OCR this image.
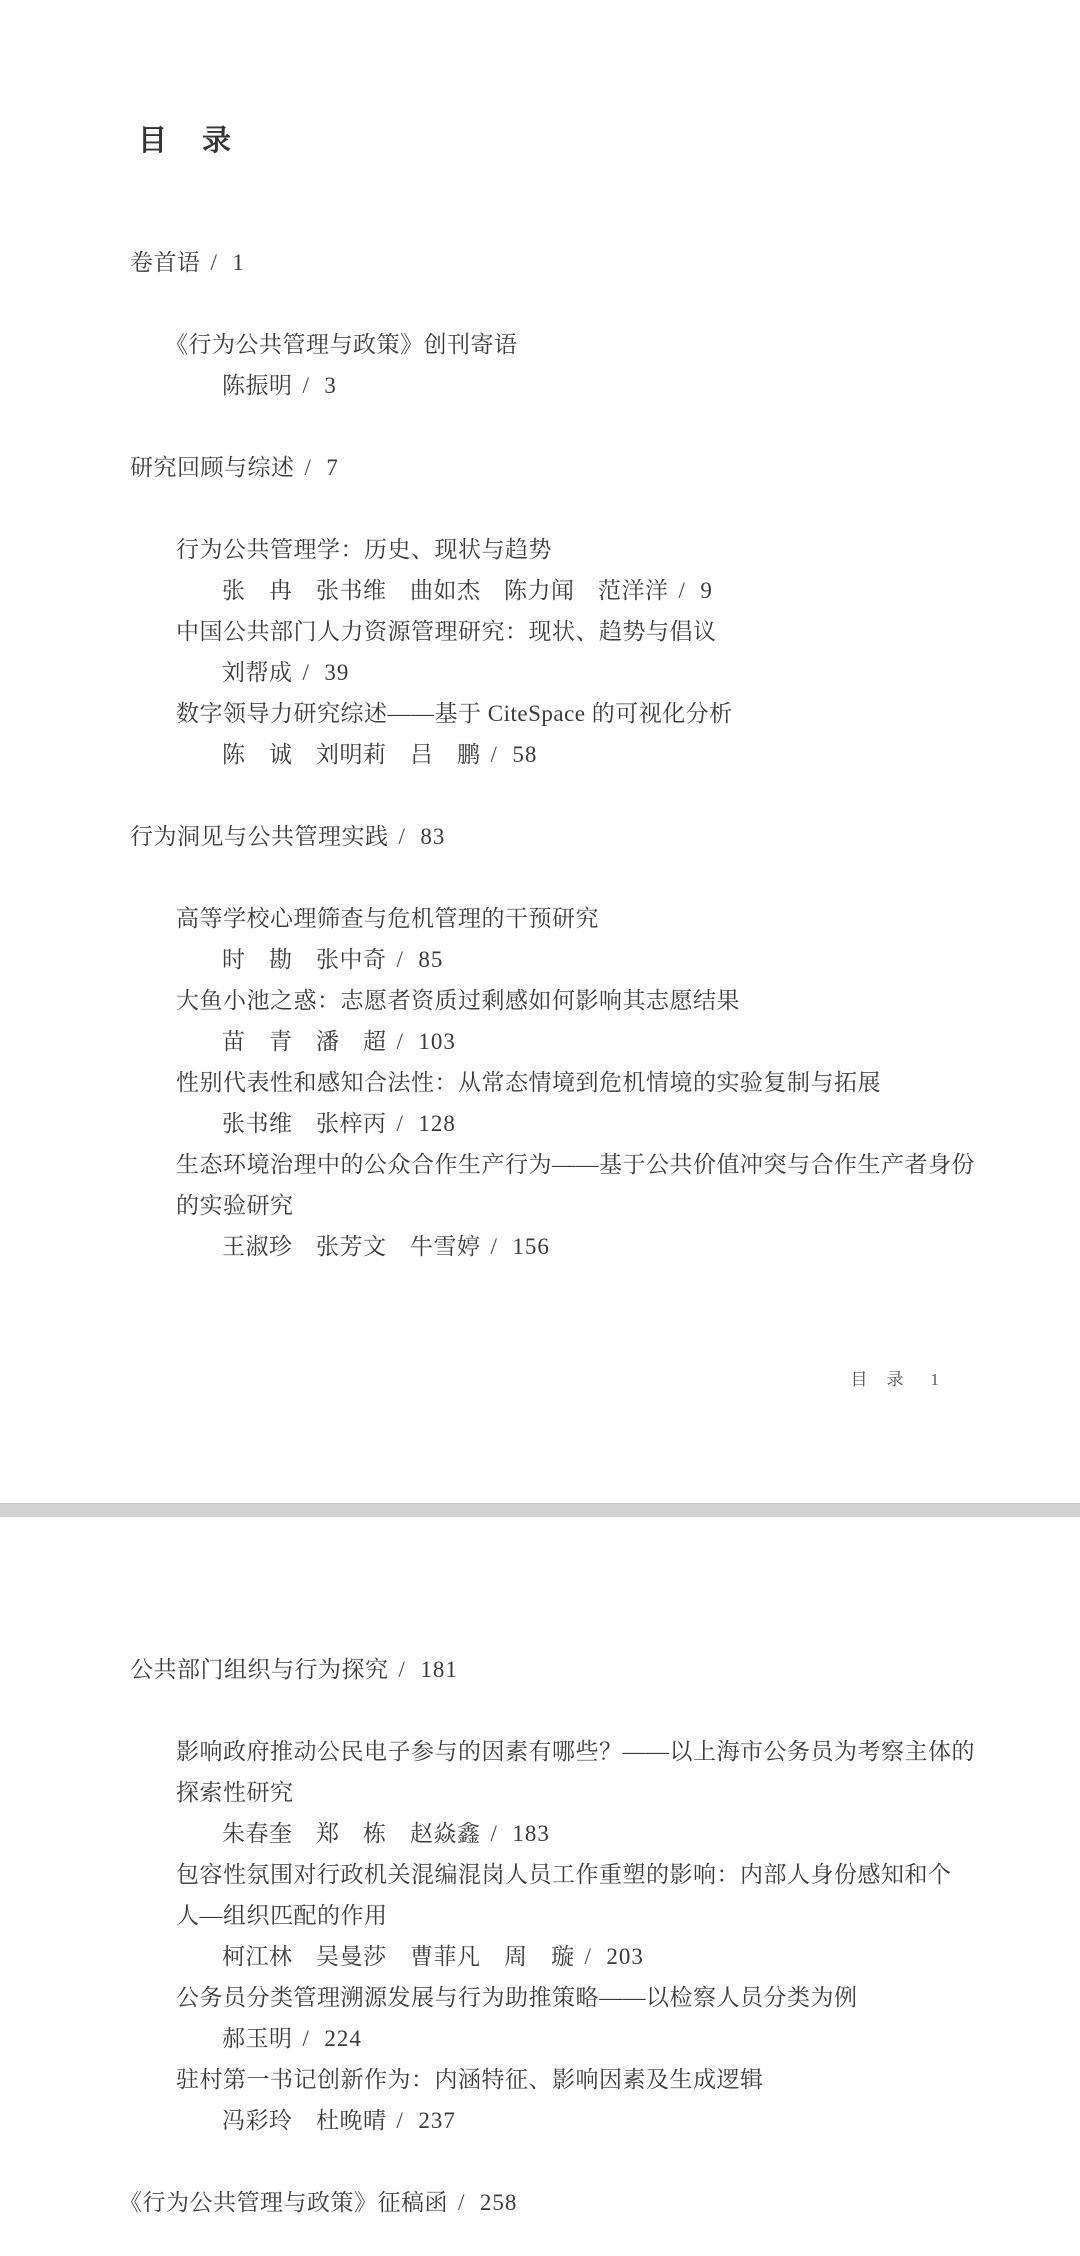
目　录
卷首语 / 1
《行为公共管理与政策》创刊寄语
陈振明 / 3
研究回顾与综述 / 7
行为公共管理学：历史、现状与趋势
张　冉　张书维　曲如杰　陈力闻　范洋洋 / 9
中国公共部门人力资源管理研究：现状、趋势与倡议
刘帮成 / 39
数字领导力研究综述——基于 CiteSpace 的可视化分析
陈　诚　刘明莉　吕　鹏 / 58
行为洞见与公共管理实践 / 83
高等学校心理筛查与危机管理的干预研究
时　勘　张中奇 / 85
大鱼小池之惑：志愿者资质过剩感如何影响其志愿结果
苗　青　潘　超 / 103
性别代表性和感知合法性：从常态情境到危机情境的实验复制与拓展
张书维　张梓丙 / 128
生态环境治理中的公众合作生产行为——基于公共价值冲突与合作生产者身份
的实验研究
王淑珍　张芳文　牛雪婷 / 156
目　录 1
公共部门组织与行为探究 / 181
影响政府推动公民电子参与的因素有哪些？——以上海市公务员为考察主体的
探索性研究
朱春奎　郑　栋　赵焱鑫 / 183
包容性氛围对行政机关混编混岗人员工作重塑的影响：内部人身份感知和个
人—组织匹配的作用
柯江林　吴曼莎　曹菲凡　周　璇 / 203
公务员分类管理溯源发展与行为助推策略——以检察人员分类为例
郝玉明 / 224
驻村第一书记创新作为：内涵特征、影响因素及生成逻辑
冯彩玲　杜晚晴 / 237
《行为公共管理与政策》征稿函 / 258
